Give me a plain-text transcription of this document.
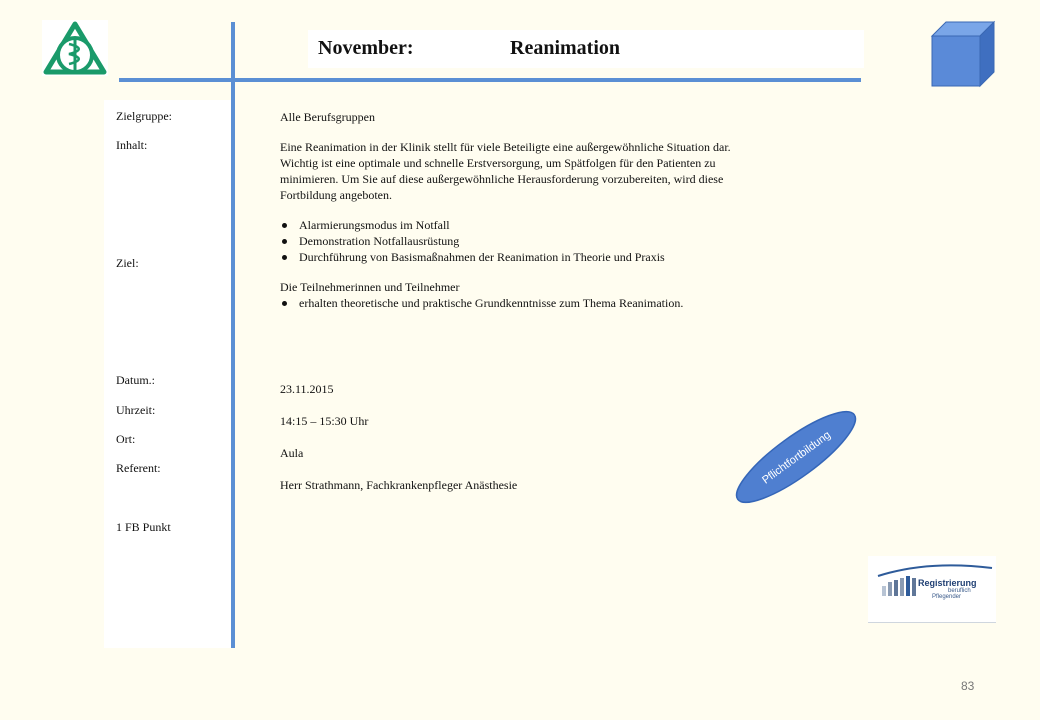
November:	Reanimation
Zielgruppe:
Inhalt:
Ziel:
Datum.:
Uhrzeit:
Ort:
Referent:
1 FB Punkt

Alle Berufsgruppen

Eine Reanimation in der Klinik stellt für viele Beteiligte eine außergewöhnliche Situation dar.

Wichtig ist eine optimale und schnelle Erstversorgung, um Spätfolgen für den Patienten zu

minimieren. Um Sie auf diese außergewöhnliche Herausforderung vorzubereiten, wird diese

Fortbildung angeboten.

Alarmierungsmodus im Notfall
Demonstration Notfallausrüstung
Durchführung von Basismaßnahmen der Reanimation in Theorie und Praxis

Die Teilnehmerinnen und Teilnehmer

erhalten theoretische und praktische Grundkenntnisse zum Thema Reanimation.
23.11.2015
14:15 – 15:30 Uhr
Aula
Herr Strathmann, Fachkrankenpfleger Anästhesie	Pflichtfortbildung
Registrierung
beruflich
Pflegender
83
